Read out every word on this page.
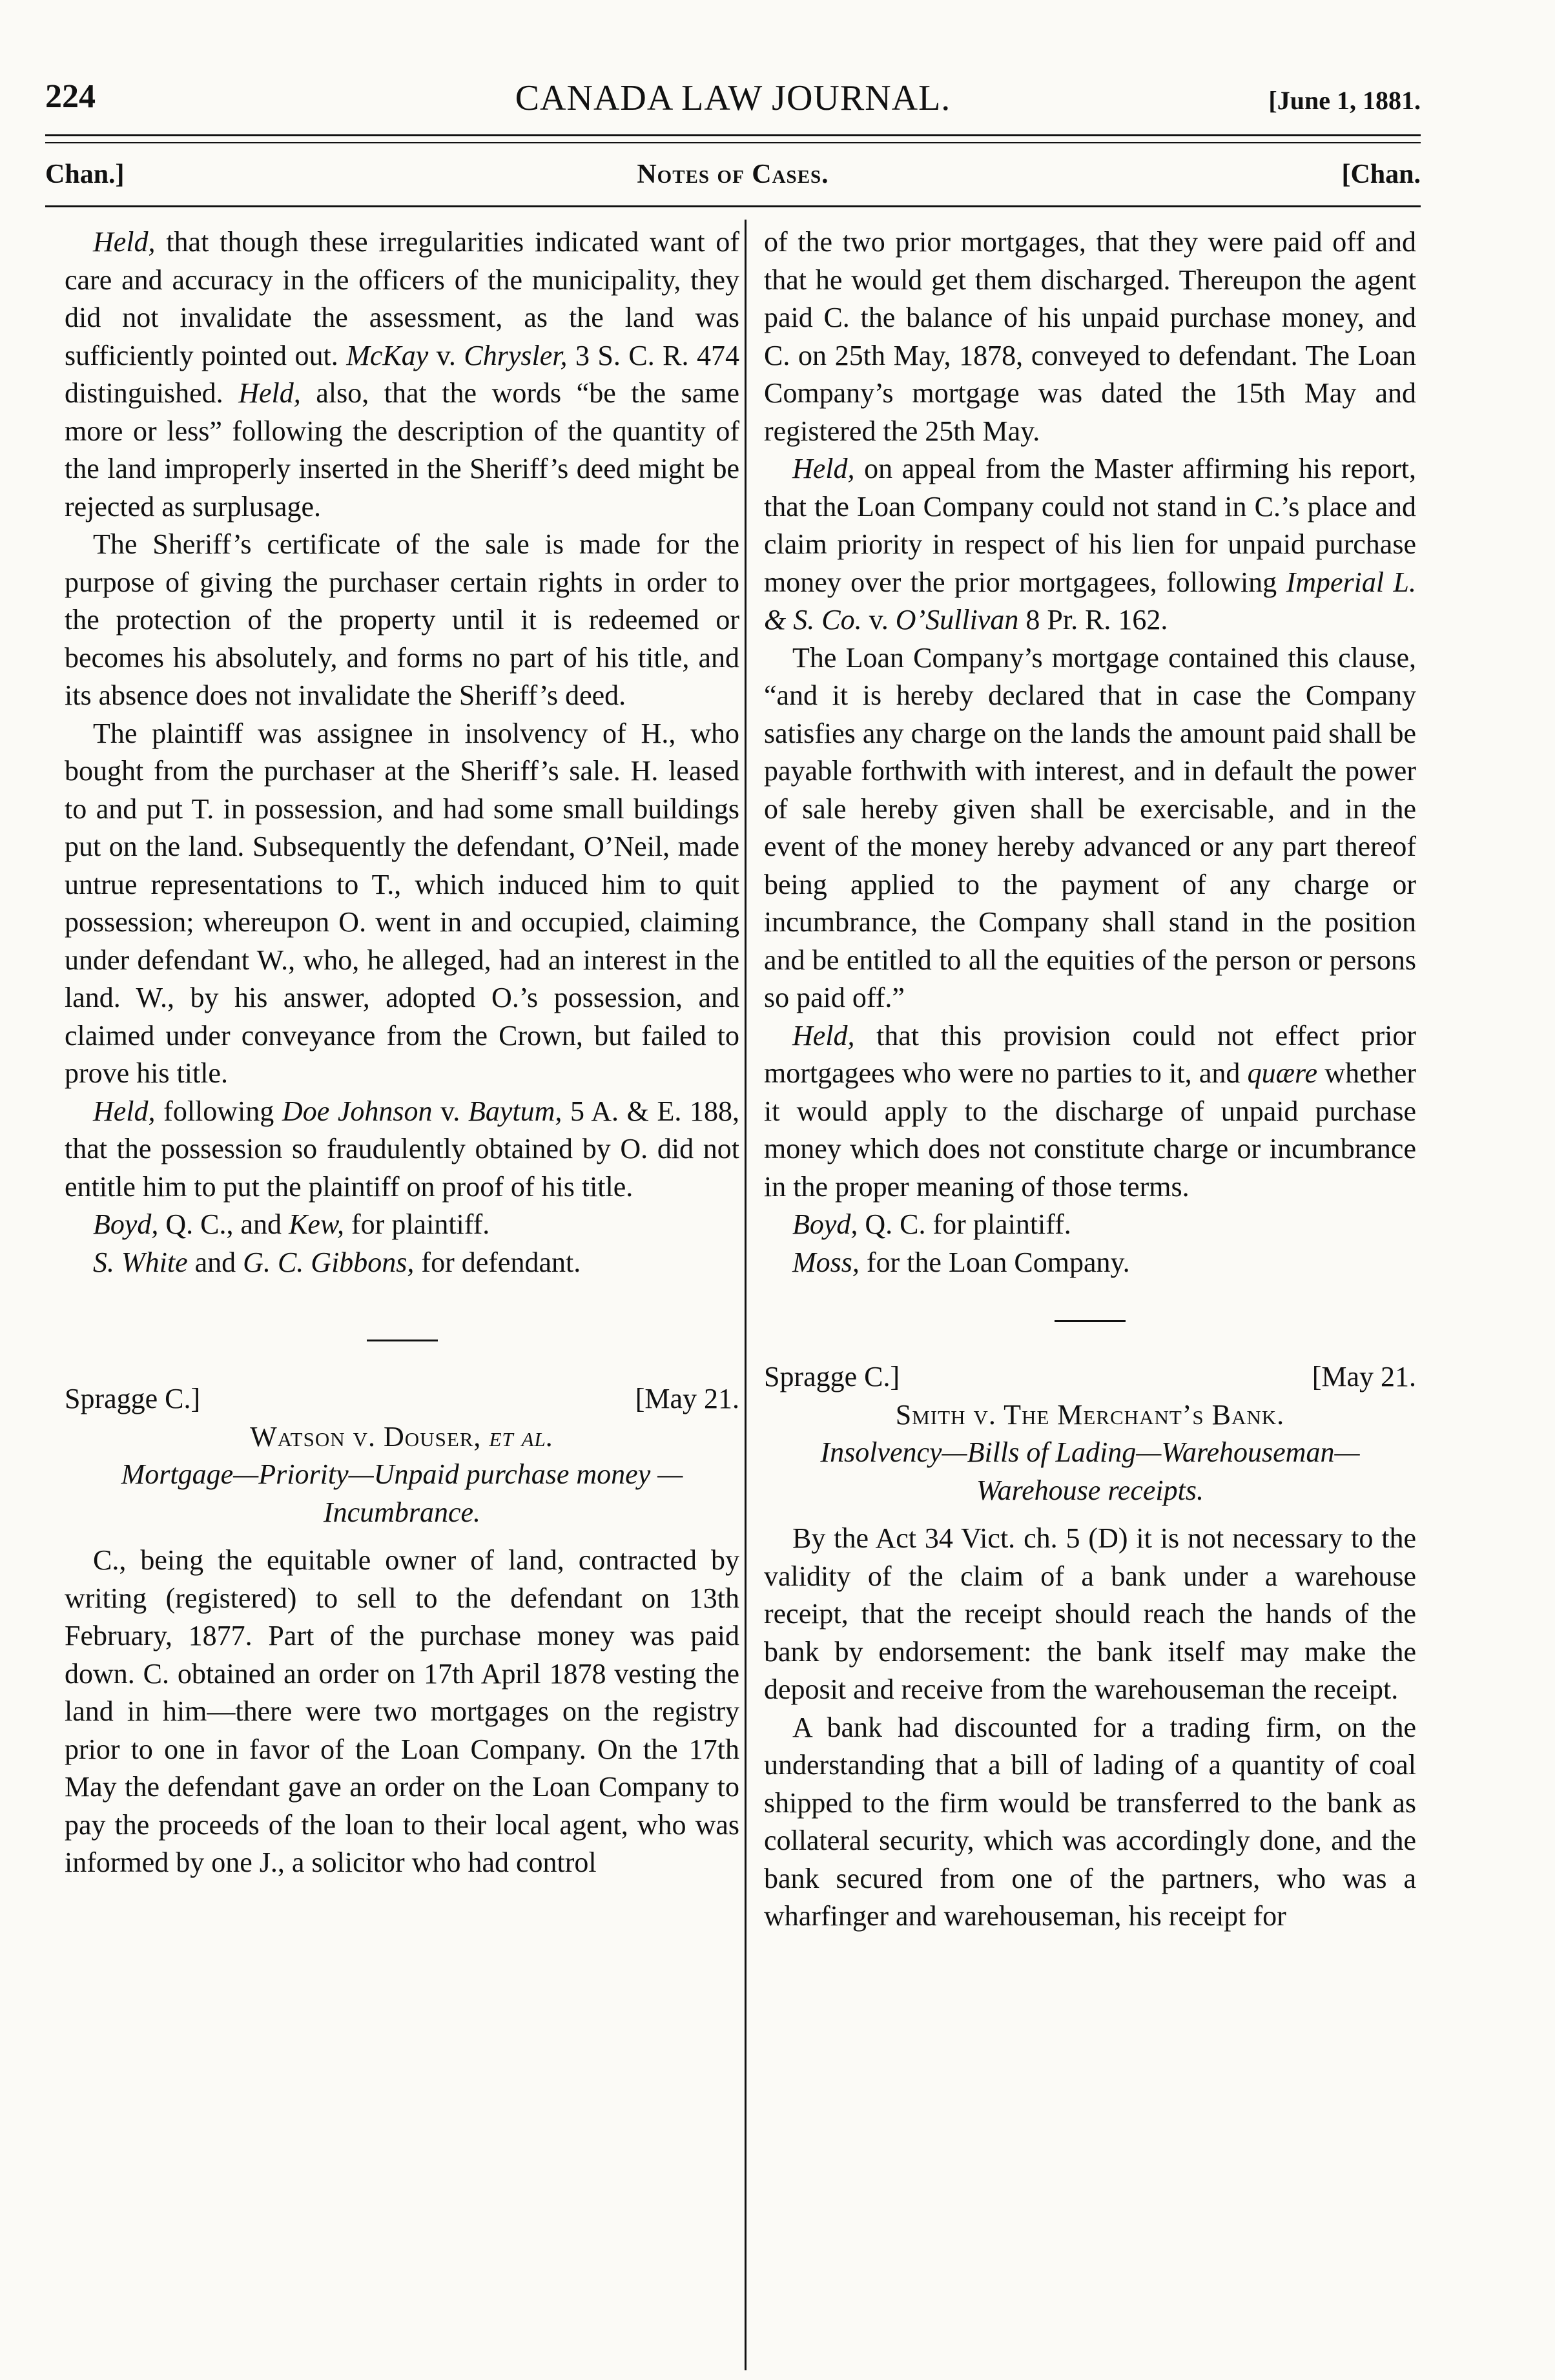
224	CANADA LAW JOURNAL.	[June 1, 1881.
Chan.]	Notes of Cases.	[Chan.

Held, that though these irregularities indicated want of care and accuracy in the officers of the municipality, they did not invalidate the assessment, as the land was sufficiently pointed out. McKay v. Chrysler, 3 S. C. R. 474 distinguished. Held, also, that the words “be the same more or less” following the description of the quantity of the land improperly inserted in the Sheriff’s deed might be rejected as surplusage.

The Sheriff’s certificate of the sale is made for the purpose of giving the purchaser certain rights in order to the protection of the property until it is redeemed or becomes his absolutely, and forms no part of his title, and its absence does not invalidate the Sheriff’s deed.

The plaintiff was assignee in insolvency of H., who bought from the purchaser at the Sheriff’s sale. H. leased to and put T. in possession, and had some small buildings put on the land. Subsequently the defendant, O’Neil, made untrue representations to T., which induced him to quit possession; whereupon O. went in and occupied, claiming under defendant W., who, he alleged, had an interest in the land. W., by his answer, adopted O.’s possession, and claimed under conveyance from the Crown, but failed to prove his title.

Held, following Doe Johnson v. Baytum, 5 A. & E. 188, that the possession so fraudulently obtained by O. did not entitle him to put the plaintiff on proof of his title.

Boyd, Q. C., and Kew, for plaintiff.

S. White and G. C. Gibbons, for defendant.

Spragge C.]	[May 21.

Watson v. Douser, et al.

Mortgage—Priority—Unpaid purchase money —Incumbrance.

C., being the equitable owner of land, contracted by writing (registered) to sell to the defendant on 13th February, 1877. Part of the purchase money was paid down. C. obtained an order on 17th April 1878 vesting the land in him—there were two mortgages on the registry prior to one in favor of the Loan Company. On the 17th May the defendant gave an order on the Loan Company to pay the proceeds of the loan to their local agent, who was informed by one J., a solicitor who had control

of the two prior mortgages, that they were paid off and that he would get them discharged. Thereupon the agent paid C. the balance of his unpaid purchase money, and C. on 25th May, 1878, conveyed to defendant. The Loan Company’s mortgage was dated the 15th May and registered the 25th May.

Held, on appeal from the Master affirming his report, that the Loan Company could not stand in C.’s place and claim priority in respect of his lien for unpaid purchase money over the prior mortgagees, following Imperial L. & S. Co. v. O’Sullivan 8 Pr. R. 162.

The Loan Company’s mortgage contained this clause, “and it is hereby declared that in case the Company satisfies any charge on the lands the amount paid shall be payable forthwith with interest, and in default the power of sale hereby given shall be exercisable, and in the event of the money hereby advanced or any part thereof being applied to the payment of any charge or incumbrance, the Company shall stand in the position and be entitled to all the equities of the person or persons so paid off.”

Held, that this provision could not effect prior mortgagees who were no parties to it, and quære whether it would apply to the discharge of unpaid purchase money which does not constitute charge or incumbrance in the proper meaning of those terms.

Boyd, Q. C. for plaintiff.

Moss, for the Loan Company.

Spragge C.]	[May 21.

Smith v. The Merchant’s Bank.

Insolvency—Bills of Lading—Warehouseman— Warehouse receipts.

By the Act 34 Vict. ch. 5 (D) it is not necessary to the validity of the claim of a bank under a warehouse receipt, that the receipt should reach the hands of the bank by endorsement: the bank itself may make the deposit and receive from the warehouseman the receipt.

A bank had discounted for a trading firm, on the understanding that a bill of lading of a quantity of coal shipped to the firm would be transferred to the bank as collateral security, which was accordingly done, and the bank secured from one of the partners, who was a wharfinger and warehouseman, his receipt for
